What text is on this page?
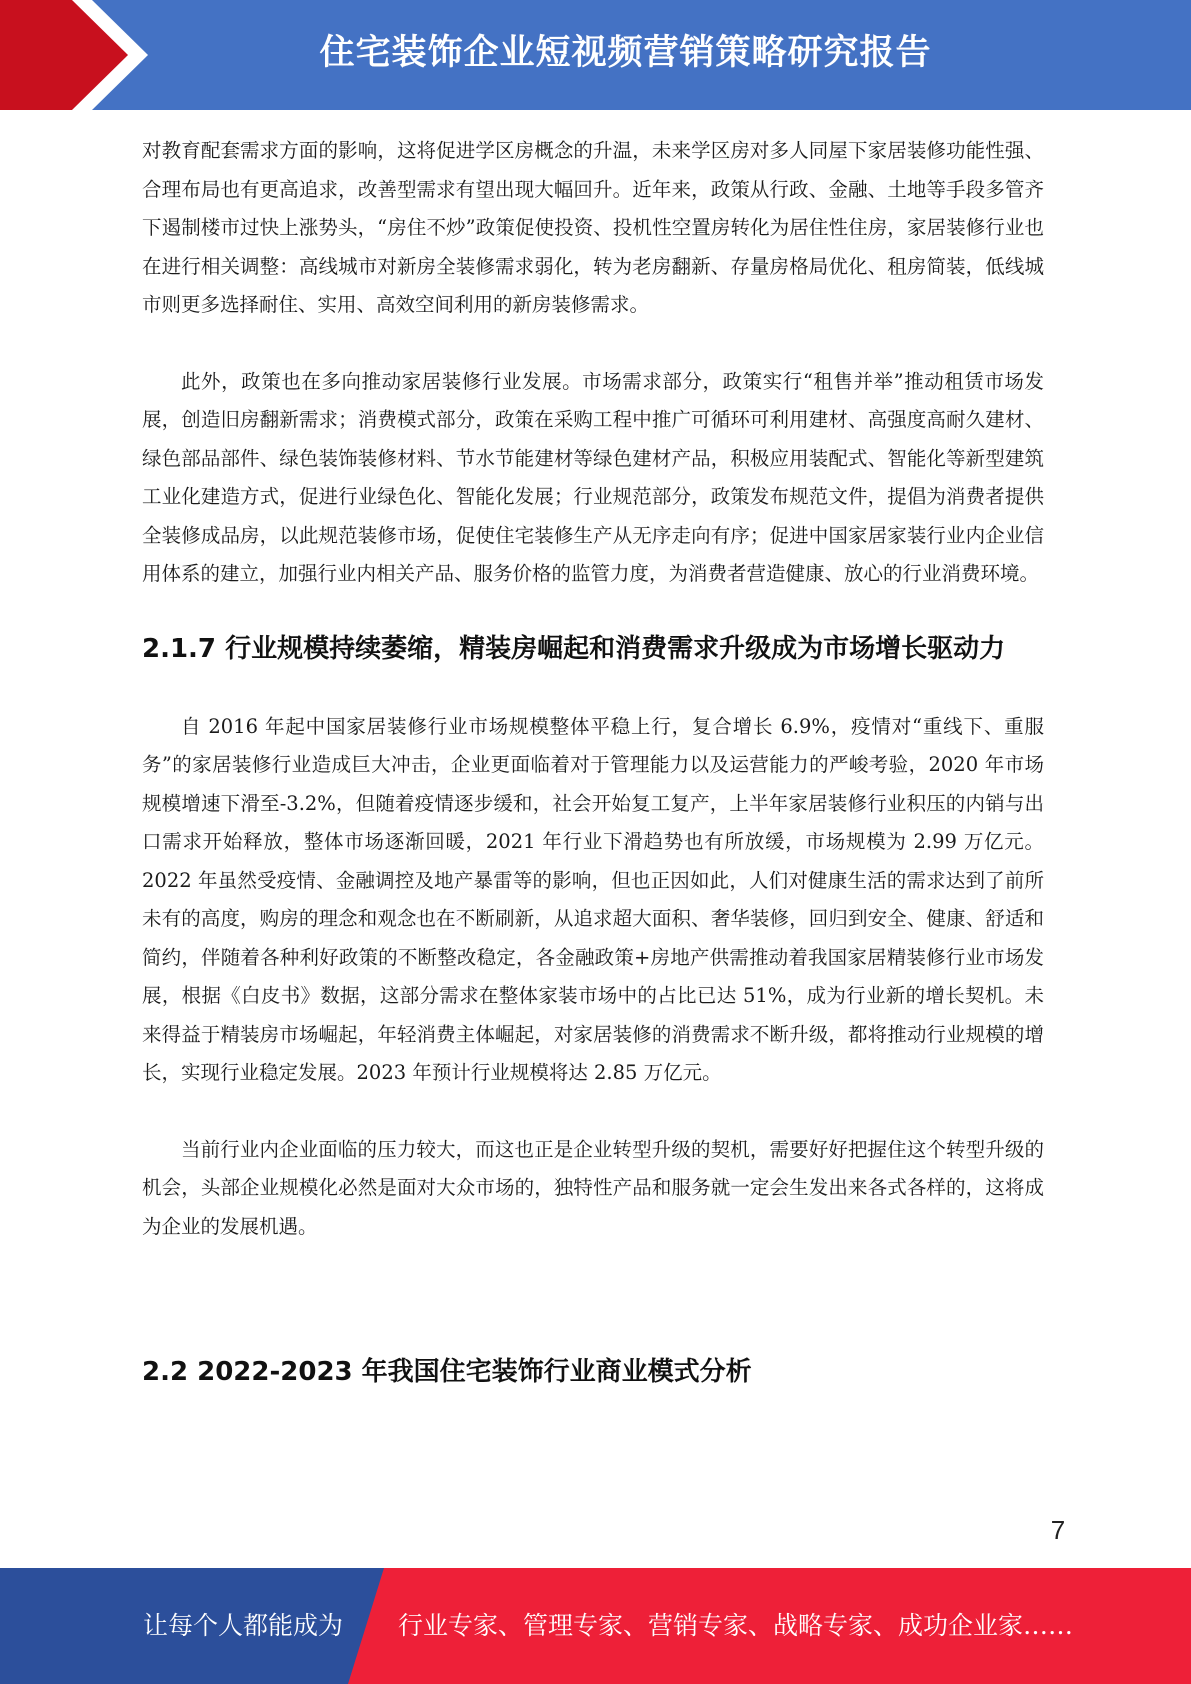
住宅装饰企业短视频营销策略研究报告

对教育配套需求方面的影响，这将促进学区房概念的升温，未来学区房对多人同屋下家居装修功能性强、合理布局也有更高追求，改善型需求有望出现大幅回升。近年来，政策从行政、金融、土地等手段多管齐下遏制楼市过快上涨势头，“房住不炒”政策促使投资、投机性空置房转化为居住性住房，家居装修行业也在进行相关调整：高线城市对新房全装修需求弱化，转为老房翻新、存量房格局优化、租房简装，低线城市则更多选择耐住、实用、高效空间利用的新房装修需求。

此外，政策也在多向推动家居装修行业发展。市场需求部分，政策实行“租售并举”推动租赁市场发展，创造旧房翻新需求；消费模式部分，政策在采购工程中推广可循环可利用建材、高强度高耐久建材、绿色部品部件、绿色装饰装修材料、节水节能建材等绿色建材产品，积极应用装配式、智能化等新型建筑工业化建造方式，促进行业绿色化、智能化发展；行业规范部分，政策发布规范文件，提倡为消费者提供全装修成品房，以此规范装修市场，促使住宅装修生产从无序走向有序；促进中国家居家装行业内企业信用体系的建立，加强行业内相关产品、服务价格的监管力度，为消费者营造健康、放心的行业消费环境。

2.1.7 行业规模持续萎缩，精装房崛起和消费需求升级成为市场增长驱动力

自 2016 年起中国家居装修行业市场规模整体平稳上行，复合增长 6.9%，疫情对“重线下、重服务”的家居装修行业造成巨大冲击，企业更面临着对于管理能力以及运营能力的严峻考验，2020 年市场规模增速下滑至-3.2%，但随着疫情逐步缓和，社会开始复工复产，上半年家居装修行业积压的内销与出口需求开始释放，整体市场逐渐回暖，2021 年行业下滑趋势也有所放缓，市场规模为 2.99 万亿元。2022 年虽然受疫情、金融调控及地产暴雷等的影响，但也正因如此，人们对健康生活的需求达到了前所未有的高度，购房的理念和观念也在不断刷新，从追求超大面积、奢华装修，回归到安全、健康、舒适和简约，伴随着各种利好政策的不断整改稳定，各金融政策+房地产供需推动着我国家居精装修行业市场发展，根据《白皮书》数据，这部分需求在整体家装市场中的占比已达 51%，成为行业新的增长契机。未来得益于精装房市场崛起，年轻消费主体崛起，对家居装修的消费需求不断升级，都将推动行业规模的增长，实现行业稳定发展。2023 年预计行业规模将达 2.85 万亿元。

当前行业内企业面临的压力较大，而这也正是企业转型升级的契机，需要好好把握住这个转型升级的机会，头部企业规模化必然是面对大众市场的，独特性产品和服务就一定会生发出来各式各样的，这将成为企业的发展机遇。

2.2 2022-2023 年我国住宅装饰行业商业模式分析
7
让每个人都能成为 行业专家、管理专家、营销专家、战略专家、成功企业家……
